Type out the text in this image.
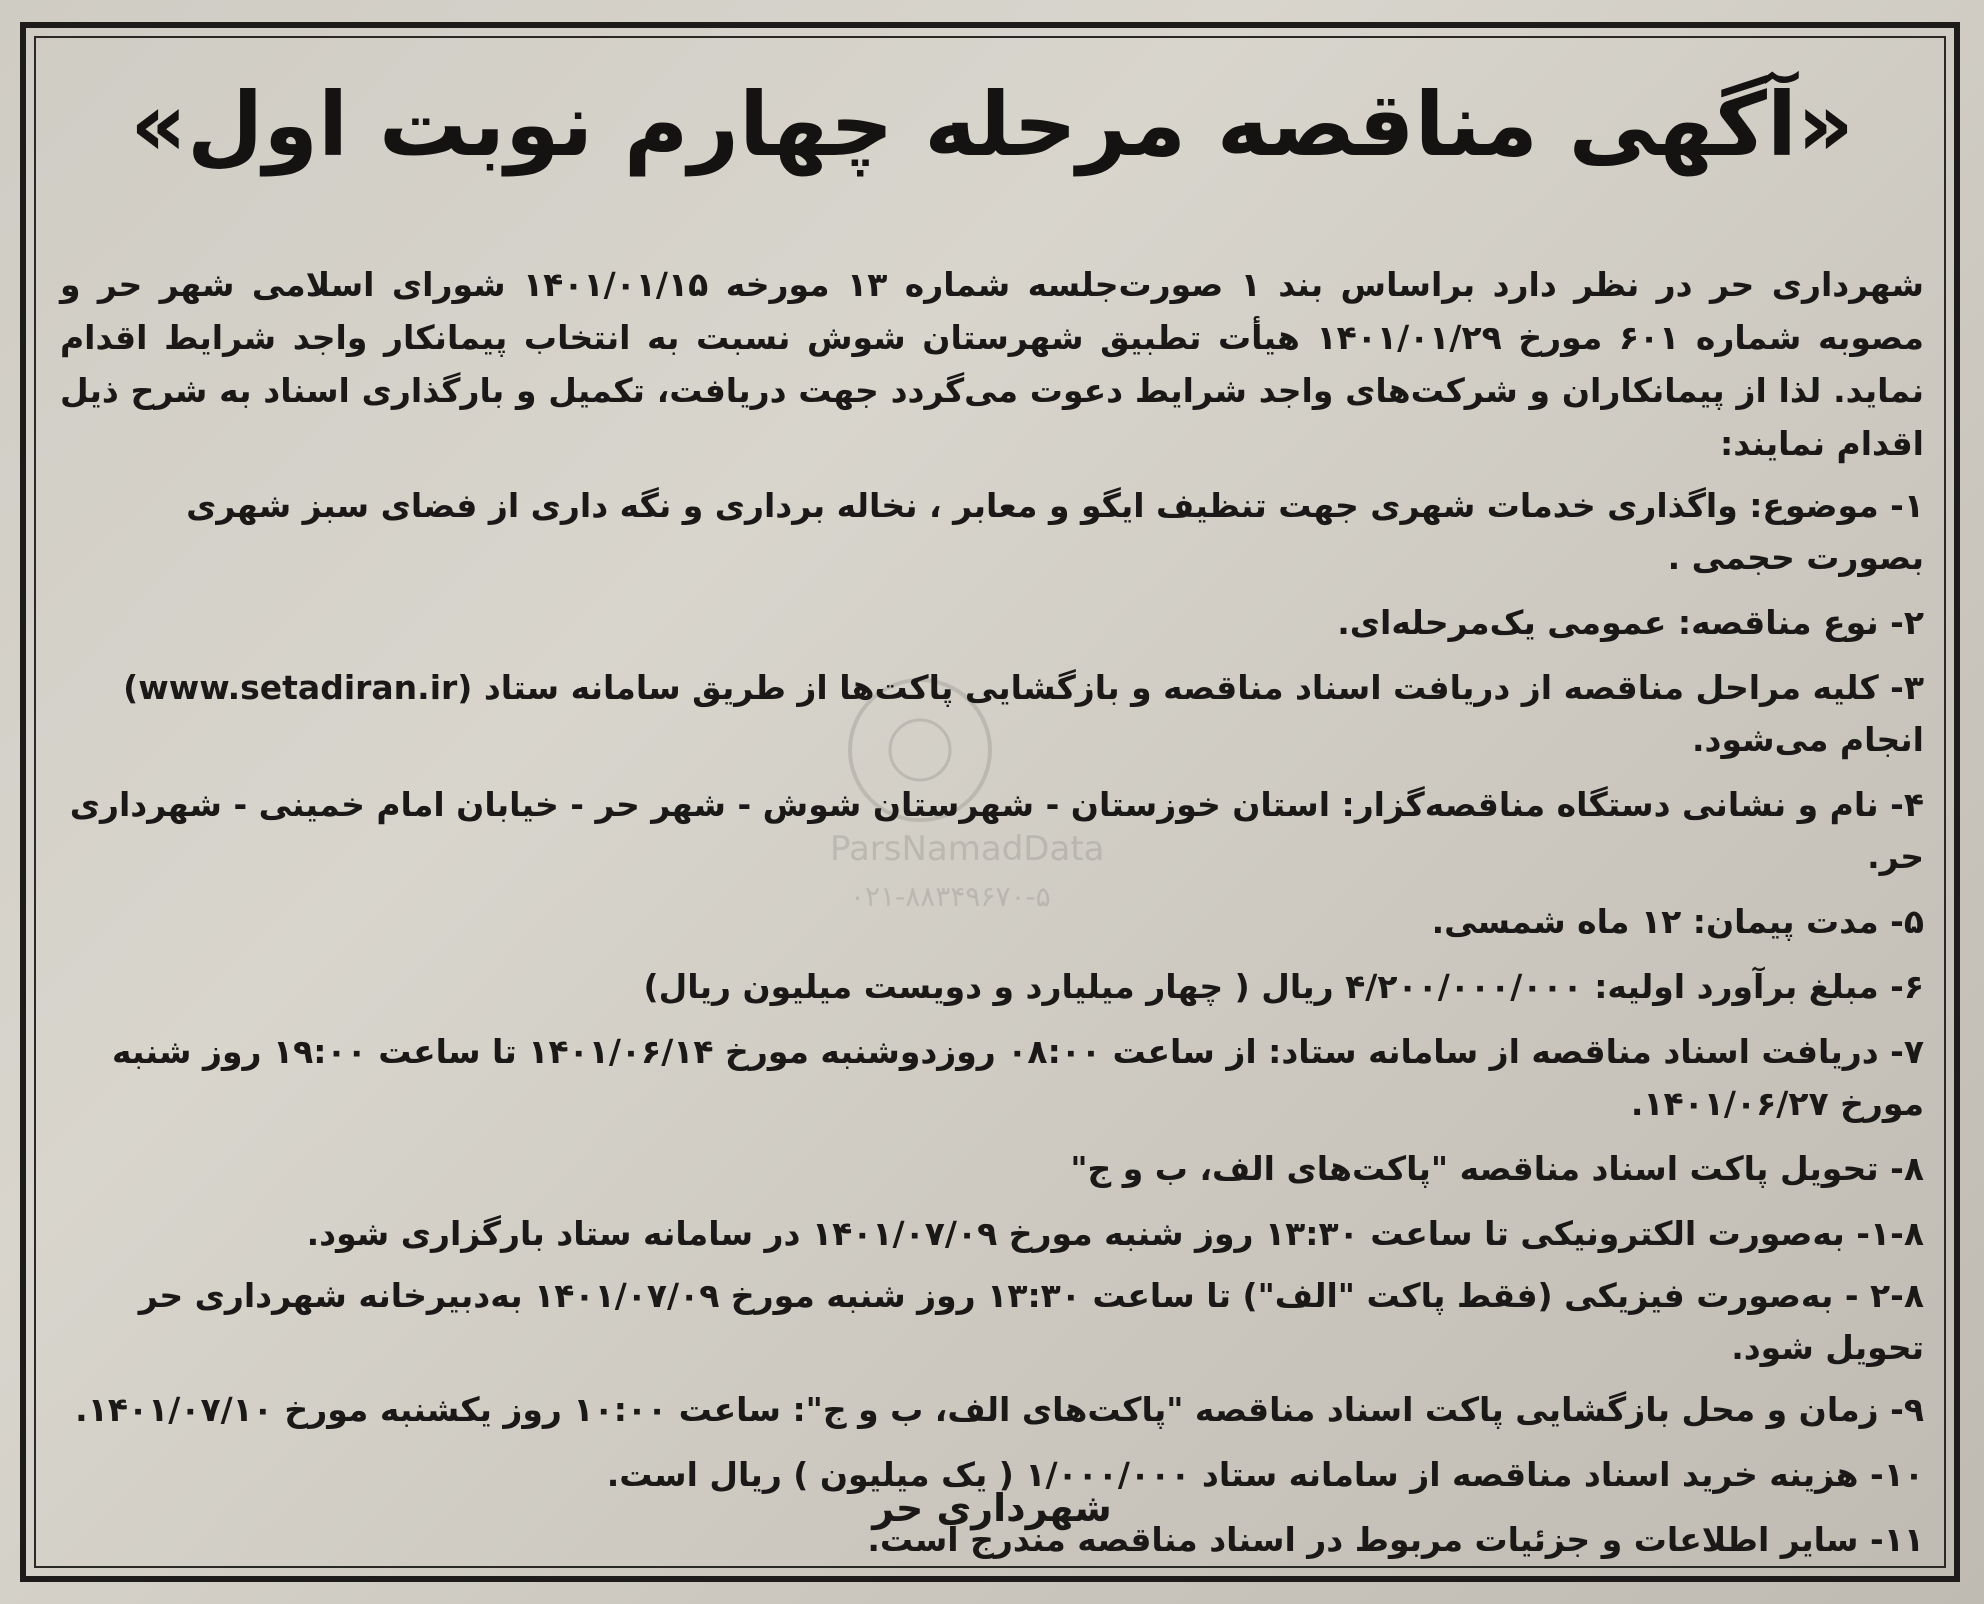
«آگهی مناقصه مرحله چهارم نوبت اول»
ParsNamadData
۰۲۱-۸۸۳۴۹۶۷۰-۵

شهرداری حر در نظر دارد براساس بند ۱ صورت‌جلسه شماره ۱۳ مورخه ۱۴۰۱/۰۱/۱۵ شورای اسلامی شهر حر و مصوبه شماره ۶۰۱ مورخ ۱۴۰۱/۰۱/۲۹ هیأت تطبیق شهرستان شوش نسبت به انتخاب پیمانکار واجد شرایط اقدام نماید. لذا از پیمانکاران و شرکت‌های واجد شرایط دعوت می‌گردد جهت دریافت، تکمیل و بارگذاری اسناد به شرح ذیل اقدام نمایند:

۱- موضوع: واگذاری خدمات شهری جهت تنظیف ایگو و معابر ، نخاله برداری و نگه داری از فضای سبز شهری بصورت حجمی .

۲- نوع مناقصه: عمومی یک‌مرحله‌ای.

۳- کلیه مراحل مناقصه از دریافت اسناد مناقصه و بازگشایی پاکت‌ها از طریق سامانه ستاد (www.setadiran.ir) انجام می‌شود.

۴- نام و نشانی دستگاه مناقصه‌گزار: استان خوزستان - شهرستان شوش - شهر حر - خیابان امام خمینی - شهرداری حر.

۵- مدت پیمان: ۱۲ ماه شمسی.

۶- مبلغ برآورد اولیه: ۴/۲۰۰/۰۰۰/۰۰۰ ریال ( چهار میلیارد و دویست میلیون ریال)

۷- دریافت اسناد مناقصه از سامانه ستاد: از ساعت ۰۸:۰۰ روزدوشنبه مورخ ۱۴۰۱/۰۶/۱۴ تا ساعت ۱۹:۰۰ روز شنبه مورخ ۱۴۰۱/۰۶/۲۷.

۸- تحویل پاکت اسناد مناقصه "پاکت‌های الف، ب و ج"

۱-۸- به‌صورت الکترونیکی تا ساعت ۱۳:۳۰ روز شنبه مورخ ۱۴۰۱/۰۷/۰۹ در سامانه ستاد بارگزاری شود.

۲-۸ - به‌صورت فیزیکی (فقط پاکت "الف") تا ساعت ۱۳:۳۰ روز شنبه مورخ ۱۴۰۱/۰۷/۰۹ به‌دبیرخانه شهرداری حر تحویل شود.

۹- زمان و محل بازگشایی پاکت اسناد مناقصه "پاکت‌های الف، ب و ج": ساعت ۱۰:۰۰ روز یکشنبه مورخ ۱۴۰۱/۰۷/۱۰.

۱۰- هزینه خرید اسناد مناقصه از سامانه ستاد ۱/۰۰۰/۰۰۰ ( یک میلیون ) ریال است.

۱۱- سایر اطلاعات و جزئیات مربوط در اسناد مناقصه مندرج است.

شهرداری حر
